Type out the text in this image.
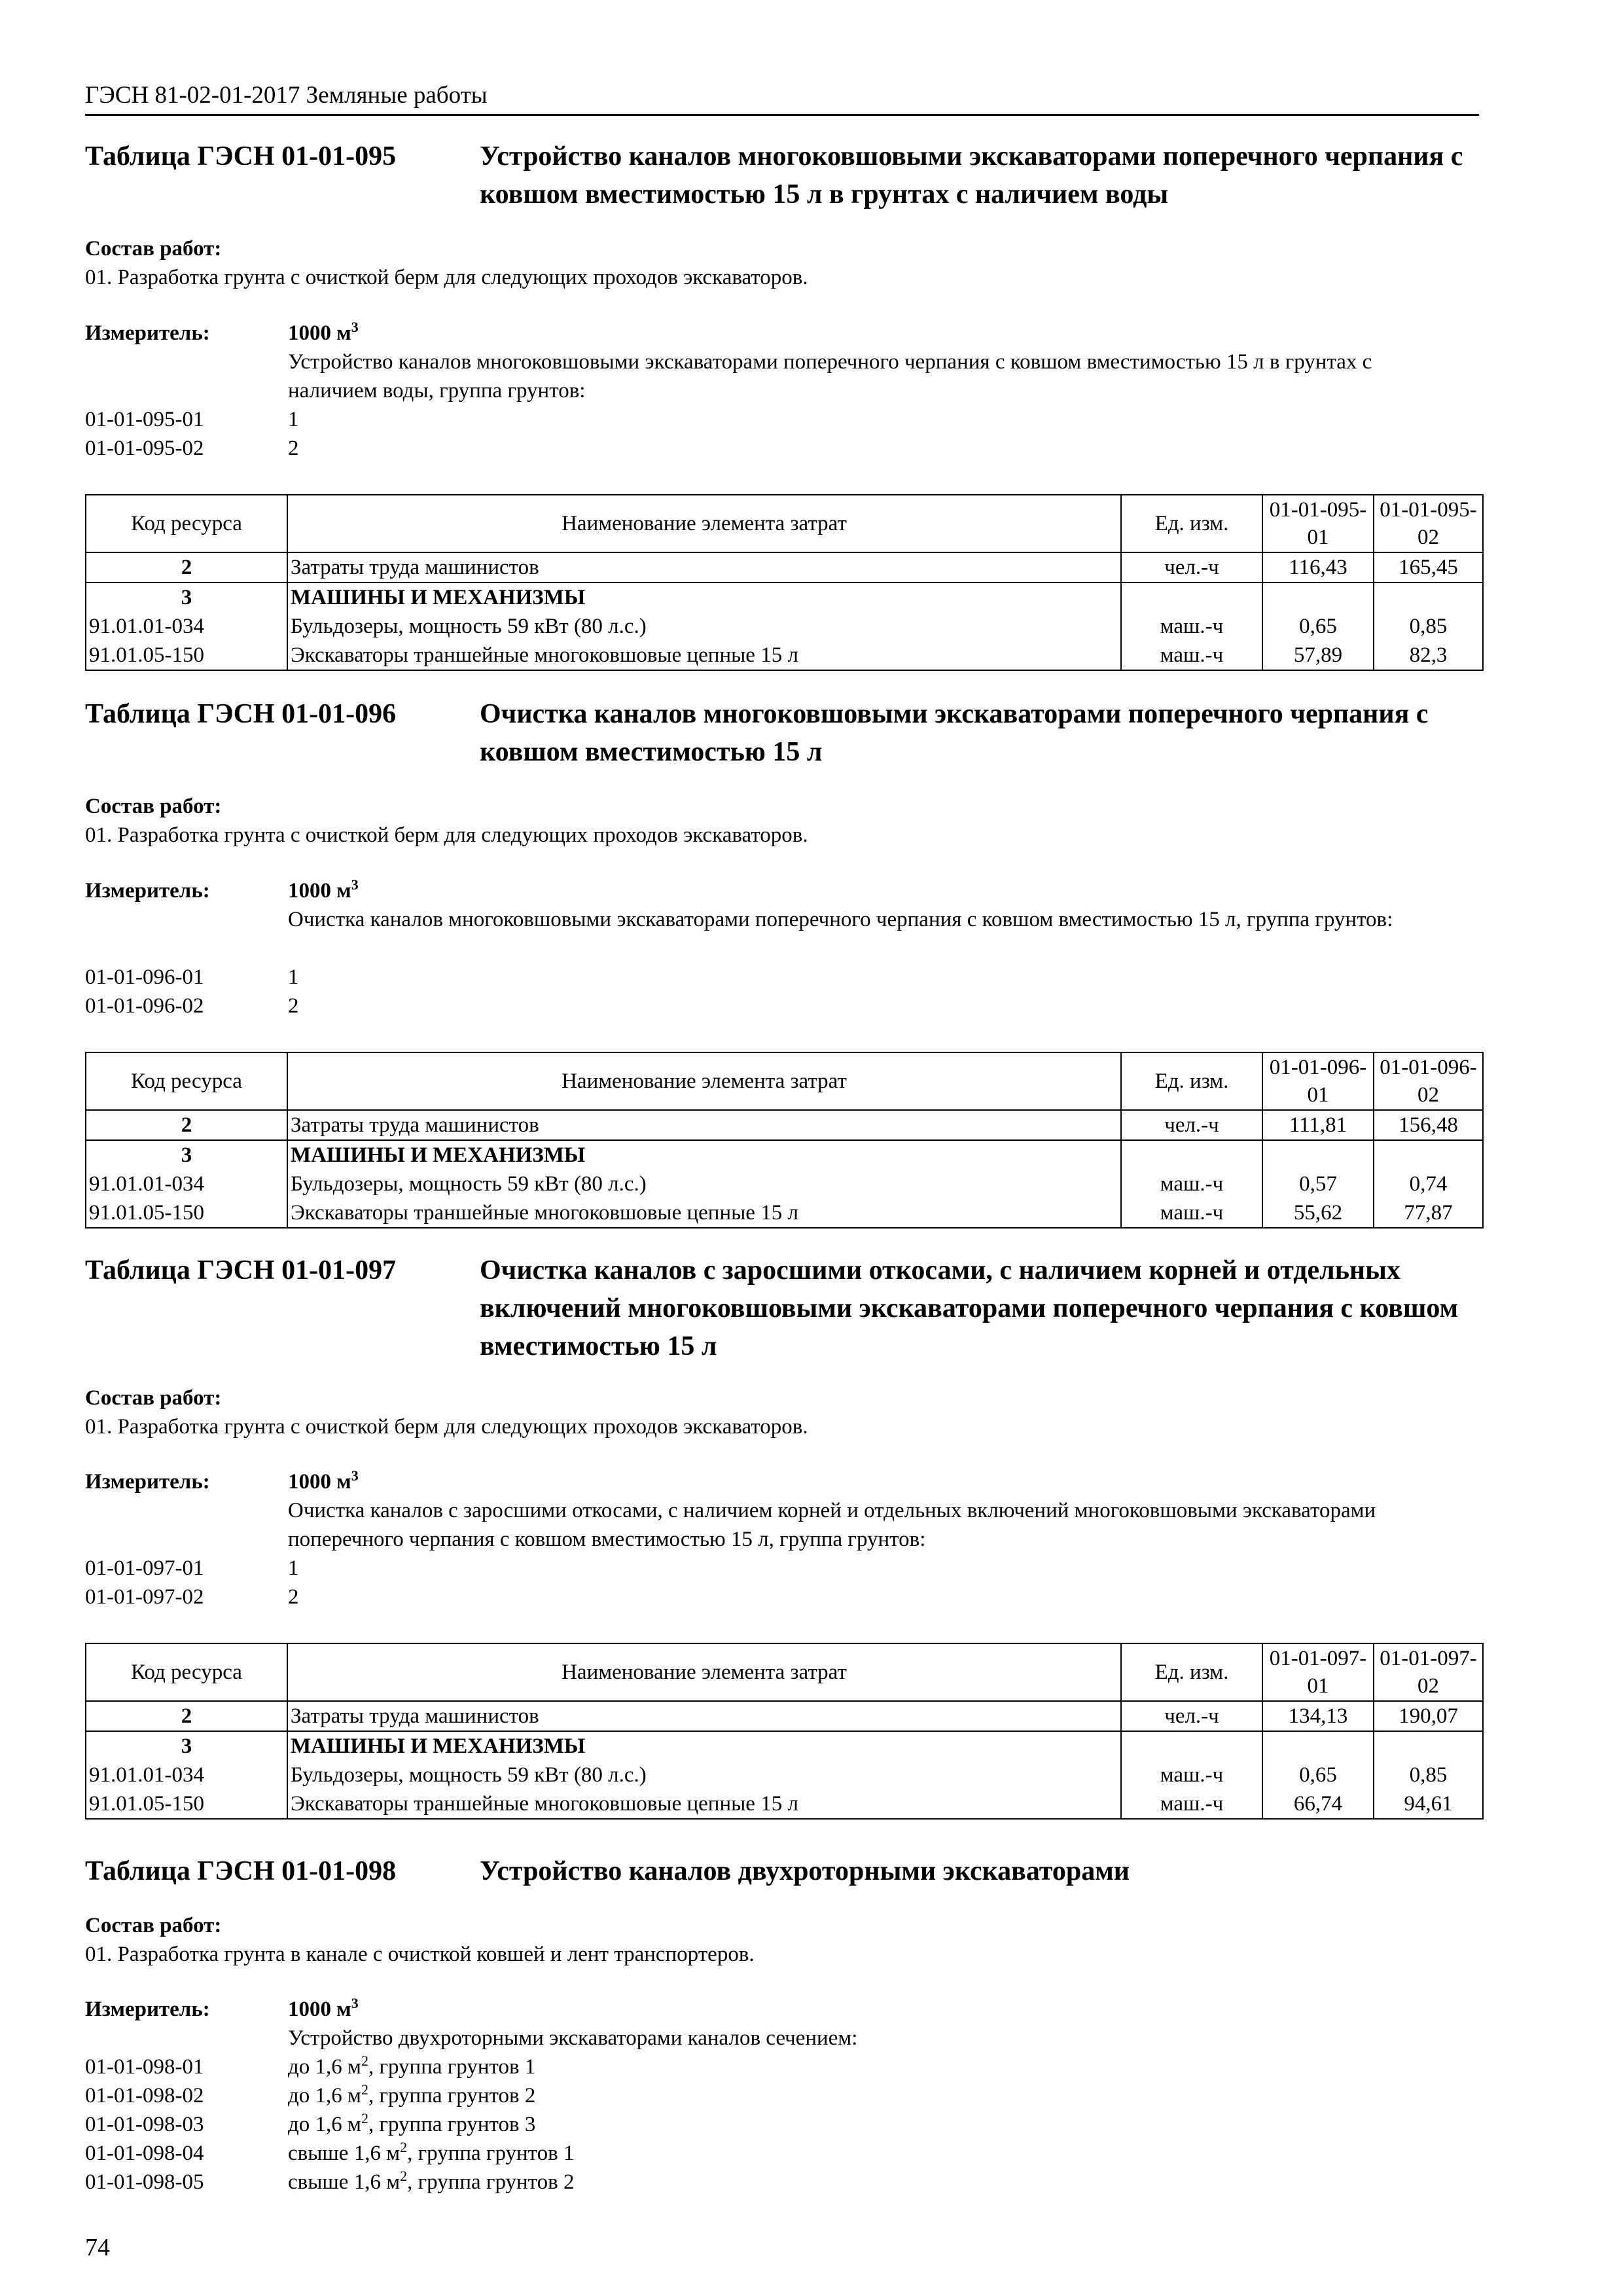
ГЭСН 81-02-01-2017 Земляные работы
Таблица ГЭСН 01-01-095	Устройство каналов многоковшовыми экскаваторами поперечного черпания с ковшом вместимостью 15 л в грунтах с наличием воды
Состав работ:
01. Разработка грунта с очисткой берм для следующих проходов экскаваторов.
Измеритель:	1000 $м^3$
Устройство каналов многоковшовыми экскаваторами поперечного черпания с ковшом вместимостью 15 л в грунтах с наличием воды, группа грунтов:
01-01-095-01	1
01-01-095-02	2
Код ресурса	Наименование элемента затрат	Ед. изм.	01-01-095-01	01-01-095-02
2	Затраты труда машинистов	чел.-ч	116,43	165,45
3	МАШИНЫ И МЕХАНИЗМЫ			
91.01.01-034	Бульдозеры, мощность 59 кВт (80 л.с.)	маш.-ч	0,65	0,85
91.01.05-150	Экскаваторы траншейные многоковшовые цепные 15 л	маш.-ч	57,89	82,3
Таблица ГЭСН 01-01-096	Очистка каналов многоковшовыми экскаваторами поперечного черпания с ковшом вместимостью 15 л
Состав работ:
01. Разработка грунта с очисткой берм для следующих проходов экскаваторов.
Измеритель:	1000 $м^3$
Очистка каналов многоковшовыми экскаваторами поперечного черпания с ковшом вместимостью 15 л, группа грунтов:
01-01-096-01	1
01-01-096-02	2
Код ресурса	Наименование элемента затрат	Ед. изм.	01-01-096-01	01-01-096-02
2	Затраты труда машинистов	чел.-ч	111,81	156,48
3	МАШИНЫ И МЕХАНИЗМЫ			
91.01.01-034	Бульдозеры, мощность 59 кВт (80 л.с.)	маш.-ч	0,57	0,74
91.01.05-150	Экскаваторы траншейные многоковшовые цепные 15 л	маш.-ч	55,62	77,87
Таблица ГЭСН 01-01-097	Очистка каналов с заросшими откосами, с наличием корней и отдельных включений многоковшовыми экскаваторами поперечного черпания с ковшом вместимостью 15 л
Состав работ:
01. Разработка грунта с очисткой берм для следующих проходов экскаваторов.
Измеритель:	1000 $м^3$
Очистка каналов с заросшими откосами, с наличием корней и отдельных включений многоковшовыми экскаваторами поперечного черпания с ковшом вместимостью 15 л, группа грунтов:
01-01-097-01	1
01-01-097-02	2
Код ресурса	Наименование элемента затрат	Ед. изм.	01-01-097-01	01-01-097-02
2	Затраты труда машинистов	чел.-ч	134,13	190,07
3	МАШИНЫ И МЕХАНИЗМЫ			
91.01.01-034	Бульдозеры, мощность 59 кВт (80 л.с.)	маш.-ч	0,65	0,85
91.01.05-150	Экскаваторы траншейные многоковшовые цепные 15 л	маш.-ч	66,74	94,61
Таблица ГЭСН 01-01-098	Устройство каналов двухроторными экскаваторами
Состав работ:
01. Разработка грунта в канале с очисткой ковшей и лент транспортеров.
Измеритель:	1000 $м^3$
Устройство двухроторными экскаваторами каналов сечением:
01-01-098-01	до 1,6 $м^2$, группа грунтов 1
01-01-098-02	до 1,6 $м^2$, группа грунтов 2
01-01-098-03	до 1,6 $м^2$, группа грунтов 3
01-01-098-04	свыше 1,6 $м^2$, группа грунтов 1
01-01-098-05	свыше 1,6 $м^2$, группа грунтов 2
74
